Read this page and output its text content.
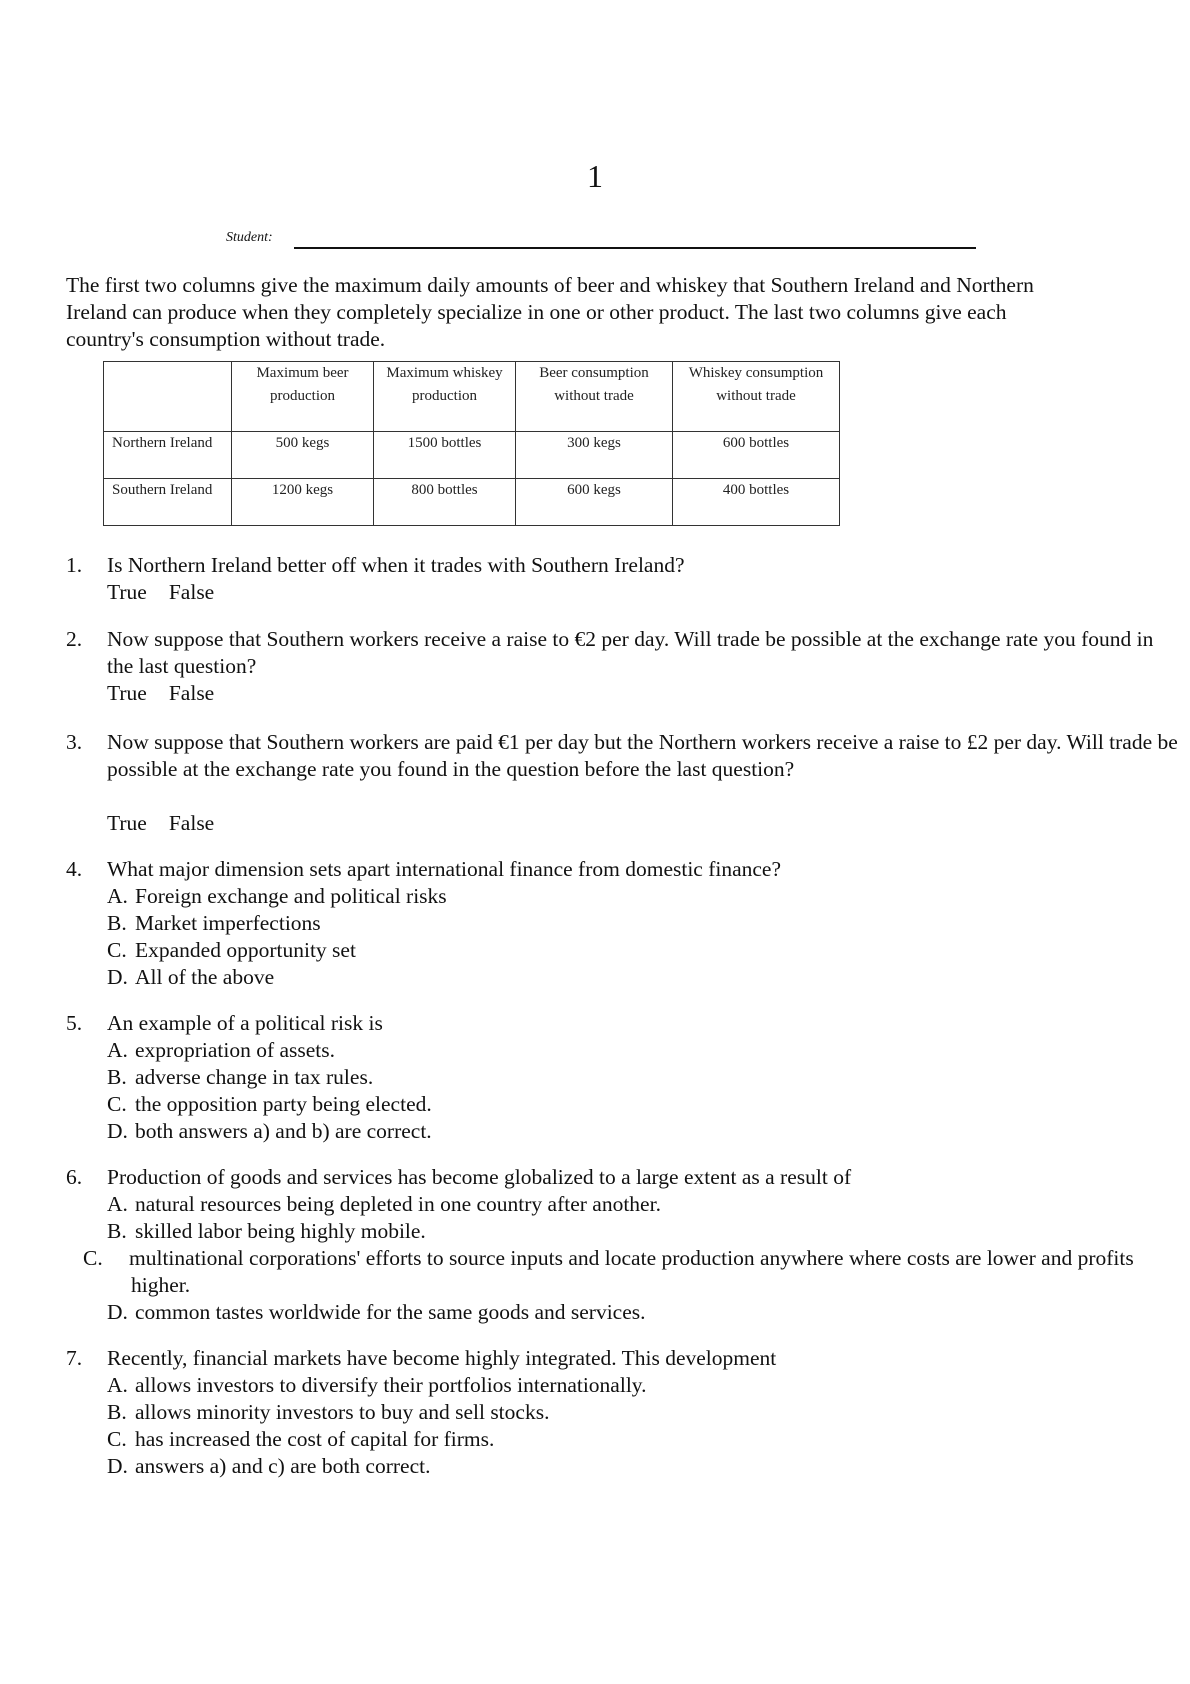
1
Student:
The first two columns give the maximum daily amounts of beer and whiskey that Southern Ireland and Northern Ireland can produce when they completely specialize in one or other product. The last two columns give each country's consumption without trade.
	Maximum beer production	Maximum whiskey production	Beer consumption without trade	Whiskey consumption without trade
Northern Ireland	500 kegs	1500 bottles	300 kegs	600 bottles
Southern Ireland	1200 kegs	800 bottles	600 kegs	400 bottles
1.	Is Northern Ireland better off when it trades with Southern Ireland?
True False
2.	Now suppose that Southern workers receive a raise to €2 per day. Will trade be possible at the exchange rate you found in the last question?
True False
3.	Now suppose that Southern workers are paid €1 per day but the Northern workers receive a raise to £2 per day. Will trade be possible at the exchange rate you found in the question before the last question?
True False
4.	What major dimension sets apart international finance from domestic finance?
A. Foreign exchange and political risks
B. Market imperfections
C. Expanded opportunity set
D. All of the above
5.	An example of a political risk is
A. expropriation of assets.
B. adverse change in tax rules.
C. the opposition party being elected.
D. both answers a) and b) are correct.
6.	Production of goods and services has become globalized to a large extent as a result of
A. natural resources being depleted in one country after another.
B. skilled labor being highly mobile.
C. multinational corporations' efforts to source inputs and locate production anywhere where costs are lower and profits higher.
D. common tastes worldwide for the same goods and services.
7.	Recently, financial markets have become highly integrated. This development
A. allows investors to diversify their portfolios internationally.
B. allows minority investors to buy and sell stocks.
C. has increased the cost of capital for firms.
D. answers a) and c) are both correct.
